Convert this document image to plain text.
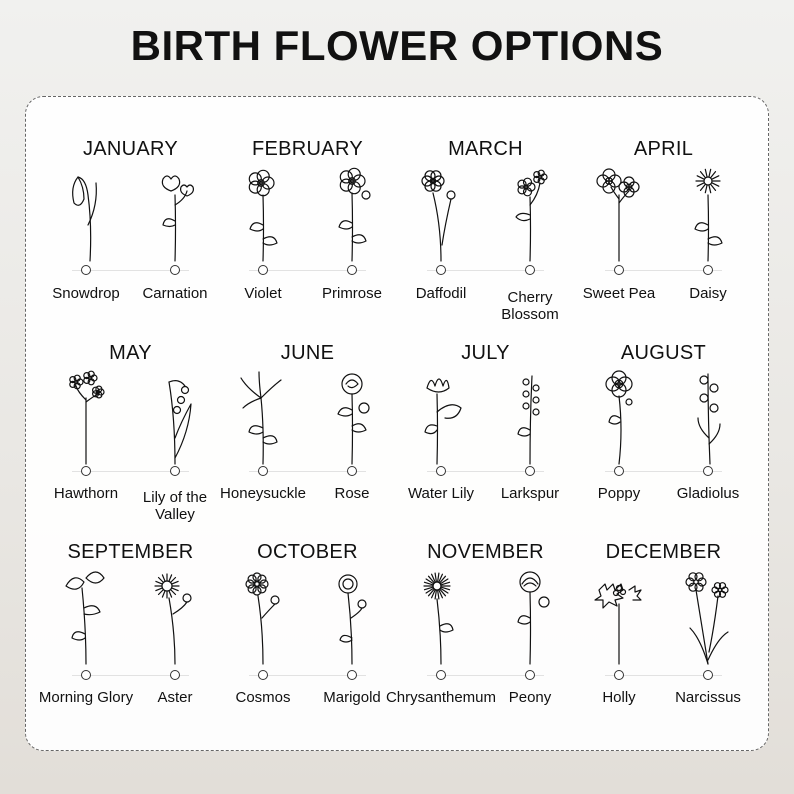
BIRTH FLOWER OPTIONS
JANUARY
Snowdrop	Carnation
FEBRUARY
Violet	Primrose
MARCH
Daffodil	Cherry
Blossom
APRIL
Sweet Pea	Daisy
MAY
Hawthorn	Lily of the
Valley
JUNE
Honeysuckle	Rose
JULY
Water Lily	Larkspur
AUGUST
Poppy	Gladiolus
SEPTEMBER
Morning Glory	Aster
OCTOBER
Cosmos	Marigold
NOVEMBER
Chrysanthemum Peony
DECEMBER
Holly	Narcissus
